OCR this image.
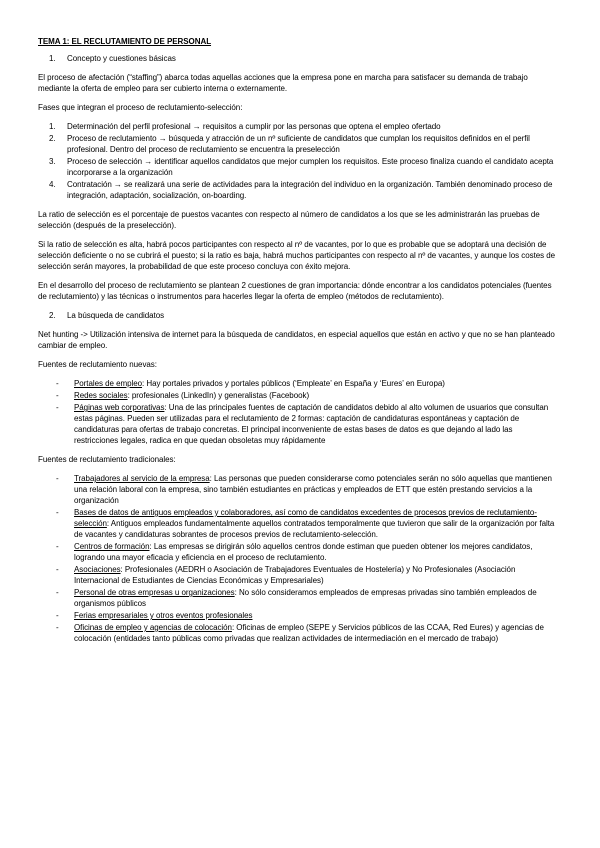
TEMA 1: EL RECLUTAMIENTO DE PERSONAL

1.	Concepto y cuestiones básicas

El proceso de afectación (“staffing”) abarca todas aquellas acciones que la empresa pone en marcha para satisfacer su demanda de trabajo mediante la oferta de empleo para ser cubierto interna o externamente.

Fases que integran el proceso de reclutamiento-selección:

1.	Determinación del perfil profesional → requisitos a cumplir por las personas que optena el empleo ofertado
2.	Proceso de reclutamiento → búsqueda y atracción de un nº suficiente de candidatos que cumplan los requisitos definidos en el perfil profesional. Dentro del proceso de reclutamiento se encuentra la preselección
3.	Proceso de selección → identificar aquellos candidatos que mejor cumplen los requisitos. Este proceso finaliza cuando el candidato acepta incorporarse a la organización
4.	Contratación → se realizará una serie de actividades para la integración del individuo en la organización. También denominado proceso de integración, adaptación, socialización, on-boarding.

La ratio de selección es el porcentaje de puestos vacantes con respecto al número de candidatos a los que se les administrarán las pruebas de selección (después de la preselección).

Si la ratio de selección es alta, habrá pocos participantes con respecto al nº de vacantes, por lo que es probable que se adoptará una decisión de selección deficiente o no se cubrirá el puesto; si la ratio es baja, habrá muchos participantes con respecto al nº de vacantes, y aunque los costes de selección serán mayores, la probabilidad de que este proceso concluya con éxito mejora.

En el desarrollo del proceso de reclutamiento se plantean 2 cuestiones de gran importancia: dónde encontrar a los candidatos potenciales (fuentes de reclutamiento) y las técnicas o instrumentos para hacerles llegar la oferta de empleo (métodos de reclutamiento).

2.	La búsqueda de candidatos

Net hunting -> Utilización intensiva de internet para la búsqueda de candidatos, en especial aquellos que están en activo y que no se han planteado cambiar de empleo.

Fuentes de reclutamiento nuevas:

-	Portales de empleo: Hay portales privados y portales públicos (‘Empleate’ en España y ‘Eures’ en Europa)
-	Redes sociales: profesionales (LinkedIn) y generalistas (Facebook)
-	Páginas web corporativas: Una de las principales fuentes de captación de candidatos debido al alto volumen de usuarios que consultan estas páginas. Pueden ser utilizadas para el reclutamiento de 2 formas: captación de candidaturas espontáneas y captación de candidaturas para ofertas de trabajo concretas. El principal inconveniente de estas bases de datos es que dejando al lado las restricciones legales, radica en que quedan obsoletas muy rápidamente

Fuentes de reclutamiento tradicionales:

-	Trabajadores al servicio de la empresa: Las personas que pueden considerarse como potenciales serán no sólo aquellas que mantienen una relación laboral con la empresa, sino también estudiantes en prácticas y empleados de ETT que estén prestando servicios a la organización
-	Bases de datos de antiguos empleados y colaboradores, así como de candidatos excedentes de procesos previos de reclutamiento-selección: Antiguos empleados fundamentalmente aquellos contratados temporalmente que tuvieron que salir de la organización por falta de vacantes y candidaturas sobrantes de procesos previos de reclutamiento-selección.
-	Centros de formación: Las empresas se dirigirán sólo aquellos centros donde estiman que pueden obtener los mejores candidatos, logrando una mayor eficacia y eficiencia en el proceso de reclutamiento.
-	Asociaciones: Profesionales (AEDRH o Asociación de Trabajadores Eventuales de Hostelería) y No Profesionales (Asociación Internacional de Estudiantes de Ciencias Económicas y Empresariales)
-	Personal de otras empresas u organizaciones: No sólo consideramos empleados de empresas privadas sino también empleados de organismos públicos
-	Ferias empresariales y otros eventos profesionales
-	Oficinas de empleo y agencias de colocación: Oficinas de empleo (SEPE y Servicios públicos de las CCAA, Red Eures) y agencias de colocación (entidades tanto públicas como privadas que realizan actividades de intermediación en el mercado de trabajo)
